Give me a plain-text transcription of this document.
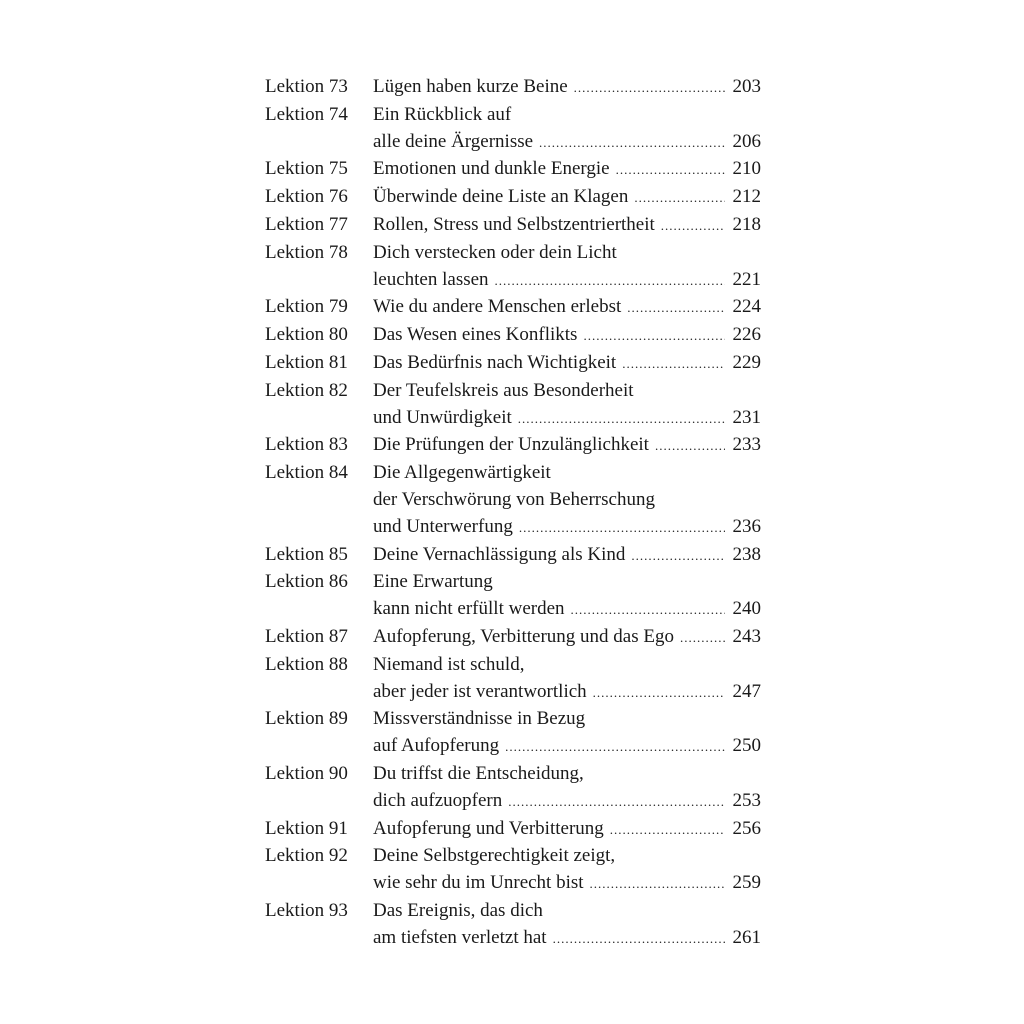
Lektion 73	Lügen haben kurze Beine .....	203
Lektion 74	Ein Rückblick auf
alle deine Ärgernisse .....	206
Lektion 75	Emotionen und dunkle Energie .....	210
Lektion 76	Überwinde deine Liste an Klagen .....	212
Lektion 77	Rollen, Stress und Selbstzentriertheit .....	218
Lektion 78	Dich verstecken oder dein Licht
leuchten lassen .....	221
Lektion 79	Wie du andere Menschen erlebst .....	224
Lektion 80	Das Wesen eines Konflikts .....	226
Lektion 81	Das Bedürfnis nach Wichtigkeit .....	229
Lektion 82	Der Teufelskreis aus Besonderheit
und Unwürdigkeit .....	231
Lektion 83	Die Prüfungen der Unzulänglichkeit .....	233
Lektion 84	Die Allgegenwärtigkeit
der Verschwörung von Beherrschung
und Unterwerfung .....	236
Lektion 85	Deine Vernachlässigung als Kind .....	238
Lektion 86	Eine Erwartung
kann nicht erfüllt werden .....	240
Lektion 87	Aufopferung, Verbitterung und das Ego .....	243
Lektion 88	Niemand ist schuld,
aber jeder ist verantwortlich .....	247
Lektion 89	Missverständnisse in Bezug
auf Aufopferung .....	250
Lektion 90	Du triffst die Entscheidung,
dich aufzuopfern .....	253
Lektion 91	Aufopferung und Verbitterung .....	256
Lektion 92	Deine Selbstgerechtigkeit zeigt,
wie sehr du im Unrecht bist .....	259
Lektion 93	Das Ereignis, das dich
am tiefsten verletzt hat .....	261
